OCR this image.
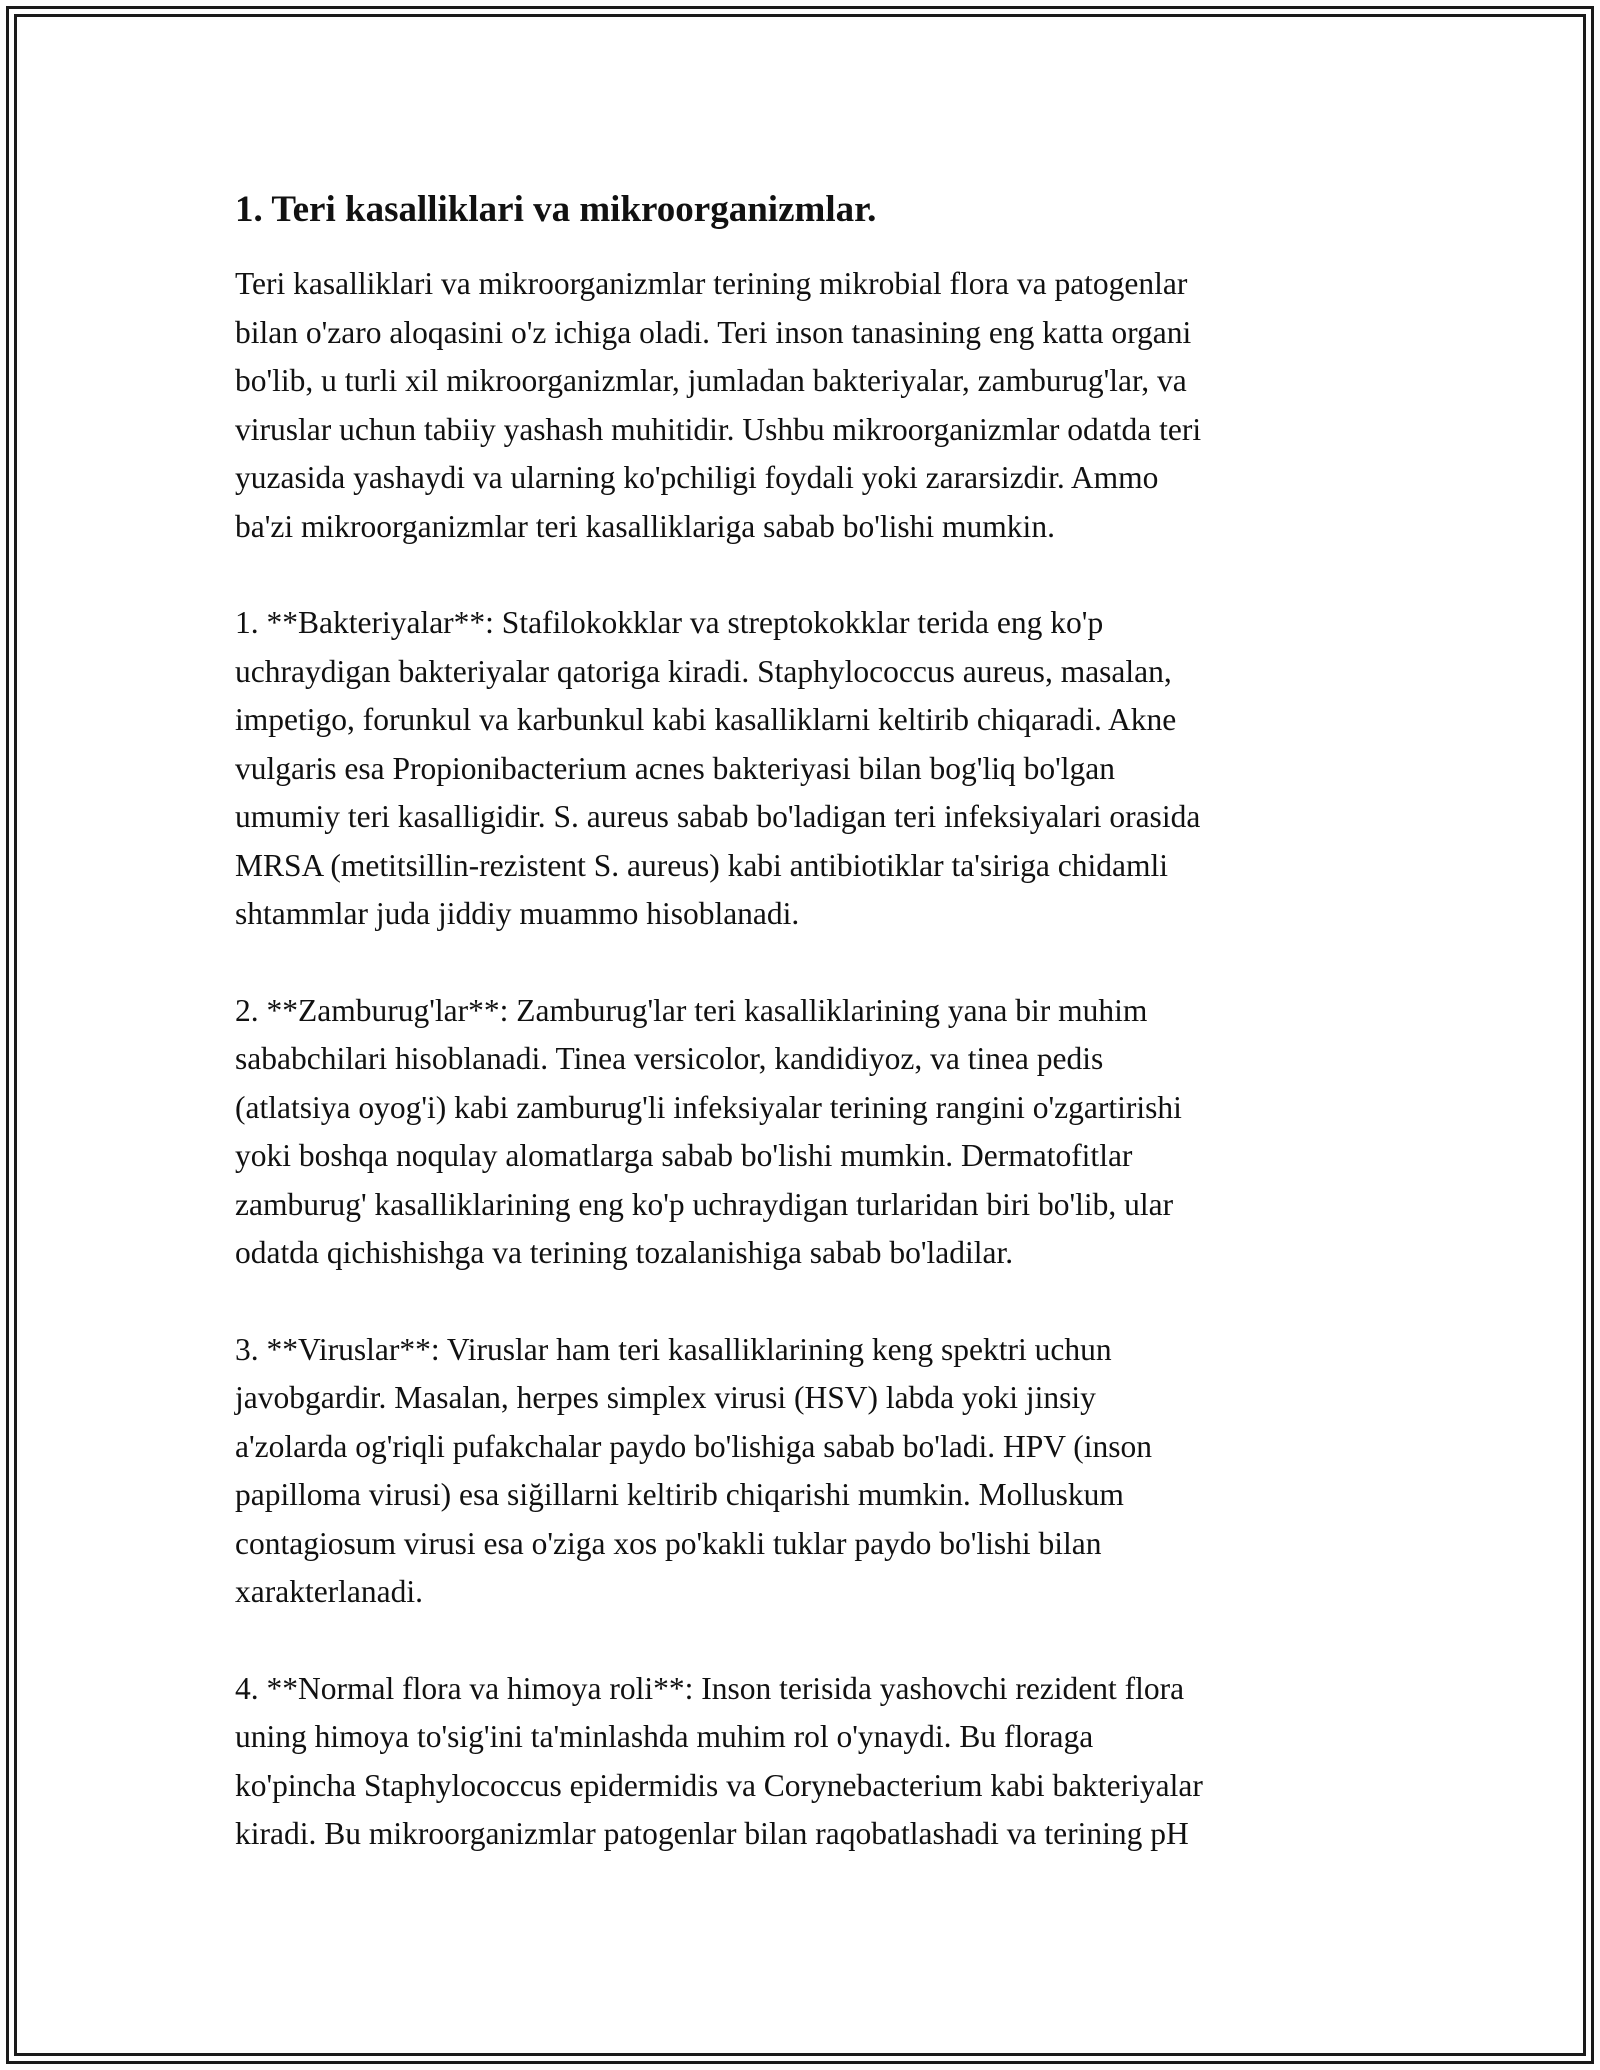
1. Teri kasalliklari va mikroorganizmlar.

Teri kasalliklari va mikroorganizmlar terining mikrobial flora va patogenlar
bilan o'zaro aloqasini o'z ichiga oladi. Teri inson tanasining eng katta organi
bo'lib, u turli xil mikroorganizmlar, jumladan bakteriyalar, zamburug'lar, va
viruslar uchun tabiiy yashash muhitidir. Ushbu mikroorganizmlar odatda teri
yuzasida yashaydi va ularning ko'pchiligi foydali yoki zararsizdir. Ammo
ba'zi mikroorganizmlar teri kasalliklariga sabab bo'lishi mumkin.

1. **Bakteriyalar**: Stafilokokklar va streptokokklar terida eng ko'p
uchraydigan bakteriyalar qatoriga kiradi. Staphylococcus aureus, masalan,
impetigo, forunkul va karbunkul kabi kasalliklarni keltirib chiqaradi. Akne
vulgaris esa Propionibacterium acnes bakteriyasi bilan bog'liq bo'lgan
umumiy teri kasalligidir. S. aureus sabab bo'ladigan teri infeksiyalari orasida
MRSA (metitsillin-rezistent S. aureus) kabi antibiotiklar ta'siriga chidamli
shtammlar juda jiddiy muammo hisoblanadi.

2. **Zamburug'lar**: Zamburug'lar teri kasalliklarining yana bir muhim
sababchilari hisoblanadi. Tinea versicolor, kandidiyoz, va tinea pedis
(atlatsiya oyog'i) kabi zamburug'li infeksiyalar terining rangini o'zgartirishi
yoki boshqa noqulay alomatlarga sabab bo'lishi mumkin. Dermatofitlar
zamburug' kasalliklarining eng ko'p uchraydigan turlaridan biri bo'lib, ular
odatda qichishishga va terining tozalanishiga sabab bo'ladilar.

3. **Viruslar**: Viruslar ham teri kasalliklarining keng spektri uchun
javobgardir. Masalan, herpes simplex virusi (HSV) labda yoki jinsiy
a'zolarda og'riqli pufakchalar paydo bo'lishiga sabab bo'ladi. HPV (inson
papilloma virusi) esa siğillarni keltirib chiqarishi mumkin. Molluskum
contagiosum virusi esa o'ziga xos po'kakli tuklar paydo bo'lishi bilan
xarakterlanadi.

4. **Normal flora va himoya roli**: Inson terisida yashovchi rezident flora
uning himoya to'sig'ini ta'minlashda muhim rol o'ynaydi. Bu floraga
ko'pincha Staphylococcus epidermidis va Corynebacterium kabi bakteriyalar
kiradi. Bu mikroorganizmlar patogenlar bilan raqobatlashadi va terining pH
